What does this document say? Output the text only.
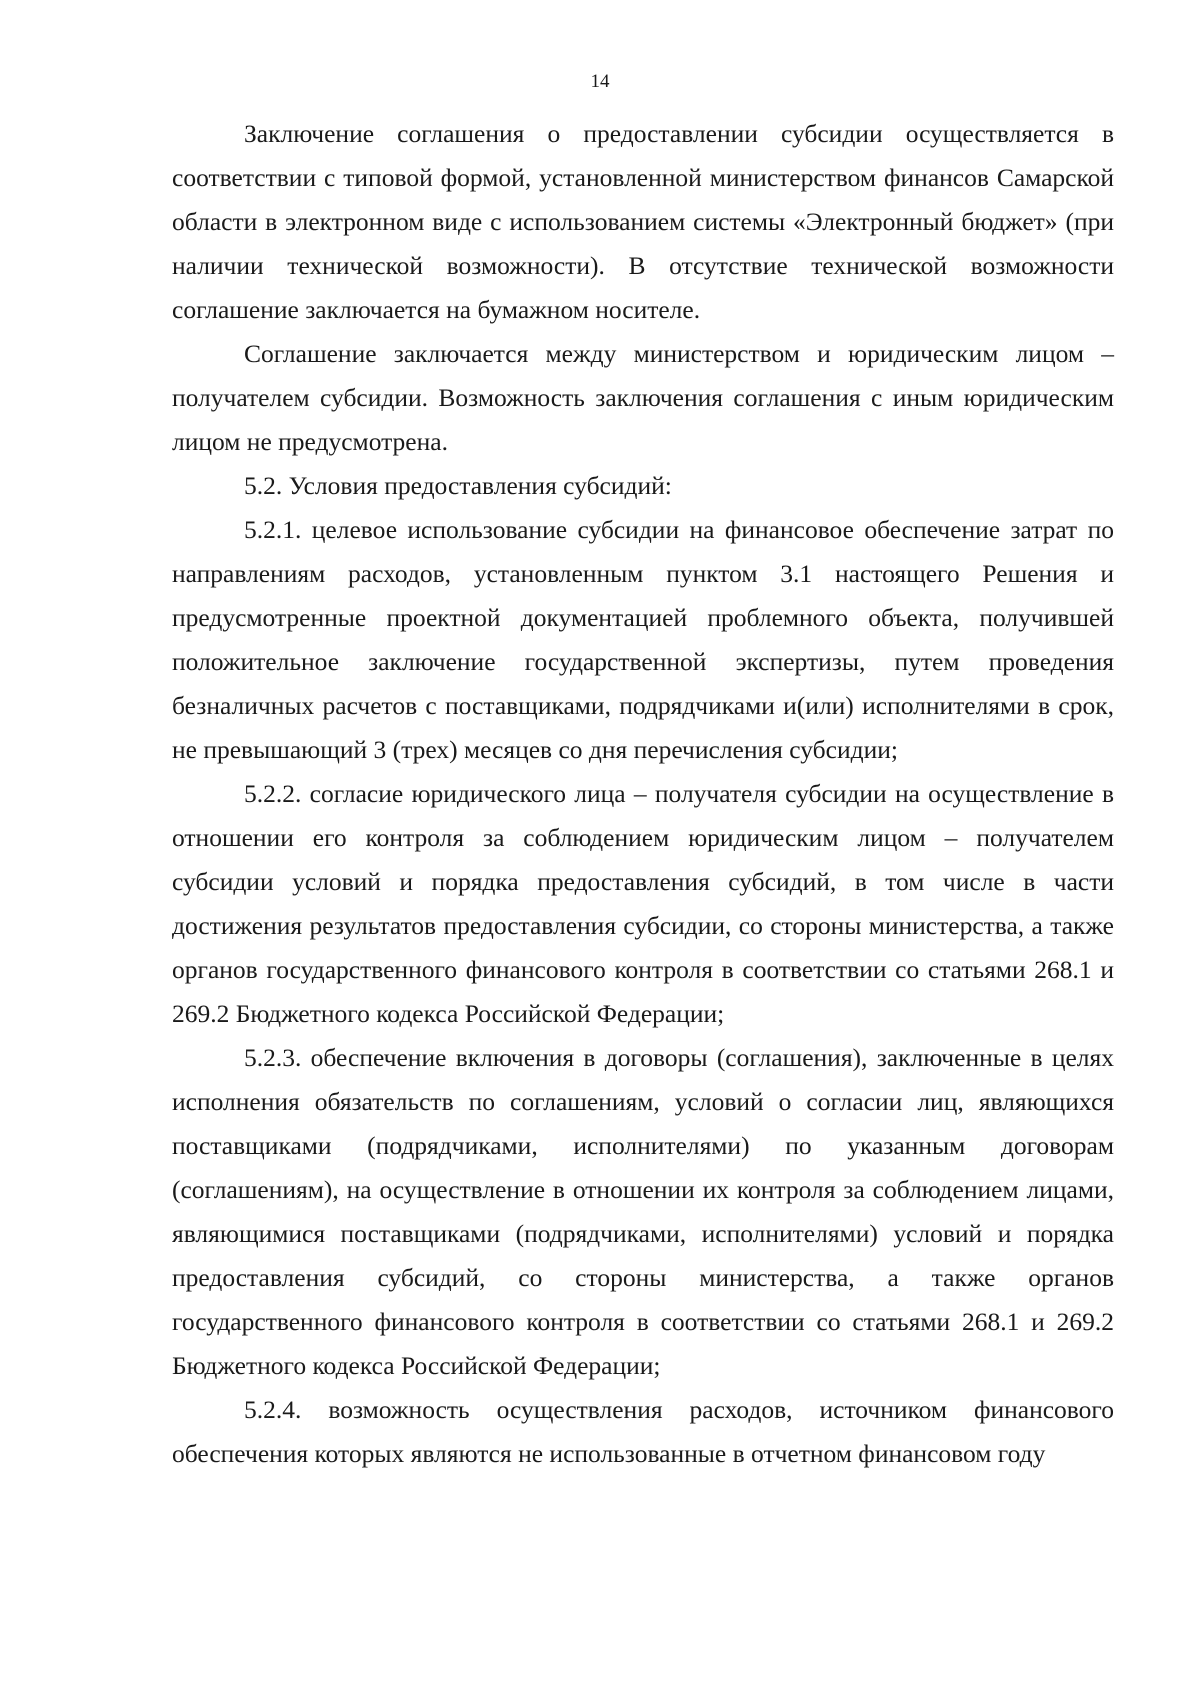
14

Заключение соглашения о предоставлении субсидии осуществляется в соответствии с типовой формой, установленной министерством финансов Самарской области в электронном виде с использованием системы «Электронный бюджет» (при наличии технической возможности). В отсутствие технической возможности соглашение заключается на бумажном носителе.

Соглашение заключается между министерством и юридическим лицом – получателем субсидии. Возможность заключения соглашения с иным юридическим лицом не предусмотрена.

5.2. Условия предоставления субсидий:

5.2.1. целевое использование субсидии на финансовое обеспечение затрат по направлениям расходов, установленным пунктом 3.1 настоящего Решения и предусмотренные проектной документацией проблемного объекта, получившей положительное заключение государственной экспертизы, путем проведения безналичных расчетов с поставщиками, подрядчиками и(или) исполнителями в срок, не превышающий 3 (трех) месяцев со дня перечисления субсидии;

5.2.2. согласие юридического лица – получателя субсидии на осуществление в отношении его контроля за соблюдением юридическим лицом – получателем субсидии условий и порядка предоставления субсидий, в том числе в части достижения результатов предоставления субсидии, со стороны министерства, а также органов государственного финансового контроля в соответствии со статьями 268.1 и 269.2 Бюджетного кодекса Российской Федерации;

5.2.3. обеспечение включения в договоры (соглашения), заключенные в целях исполнения обязательств по соглашениям, условий о согласии лиц, являющихся поставщиками (подрядчиками, исполнителями) по указанным договорам (соглашениям), на осуществление в отношении их контроля за соблюдением лицами, являющимися поставщиками (подрядчиками, исполнителями) условий и порядка предоставления субсидий, со стороны министерства, а также органов государственного финансового контроля в соответствии со статьями 268.1 и 269.2 Бюджетного кодекса Российской Федерации;

5.2.4. возможность осуществления расходов, источником финансового обеспечения которых являются не использованные в отчетном финансовом году
